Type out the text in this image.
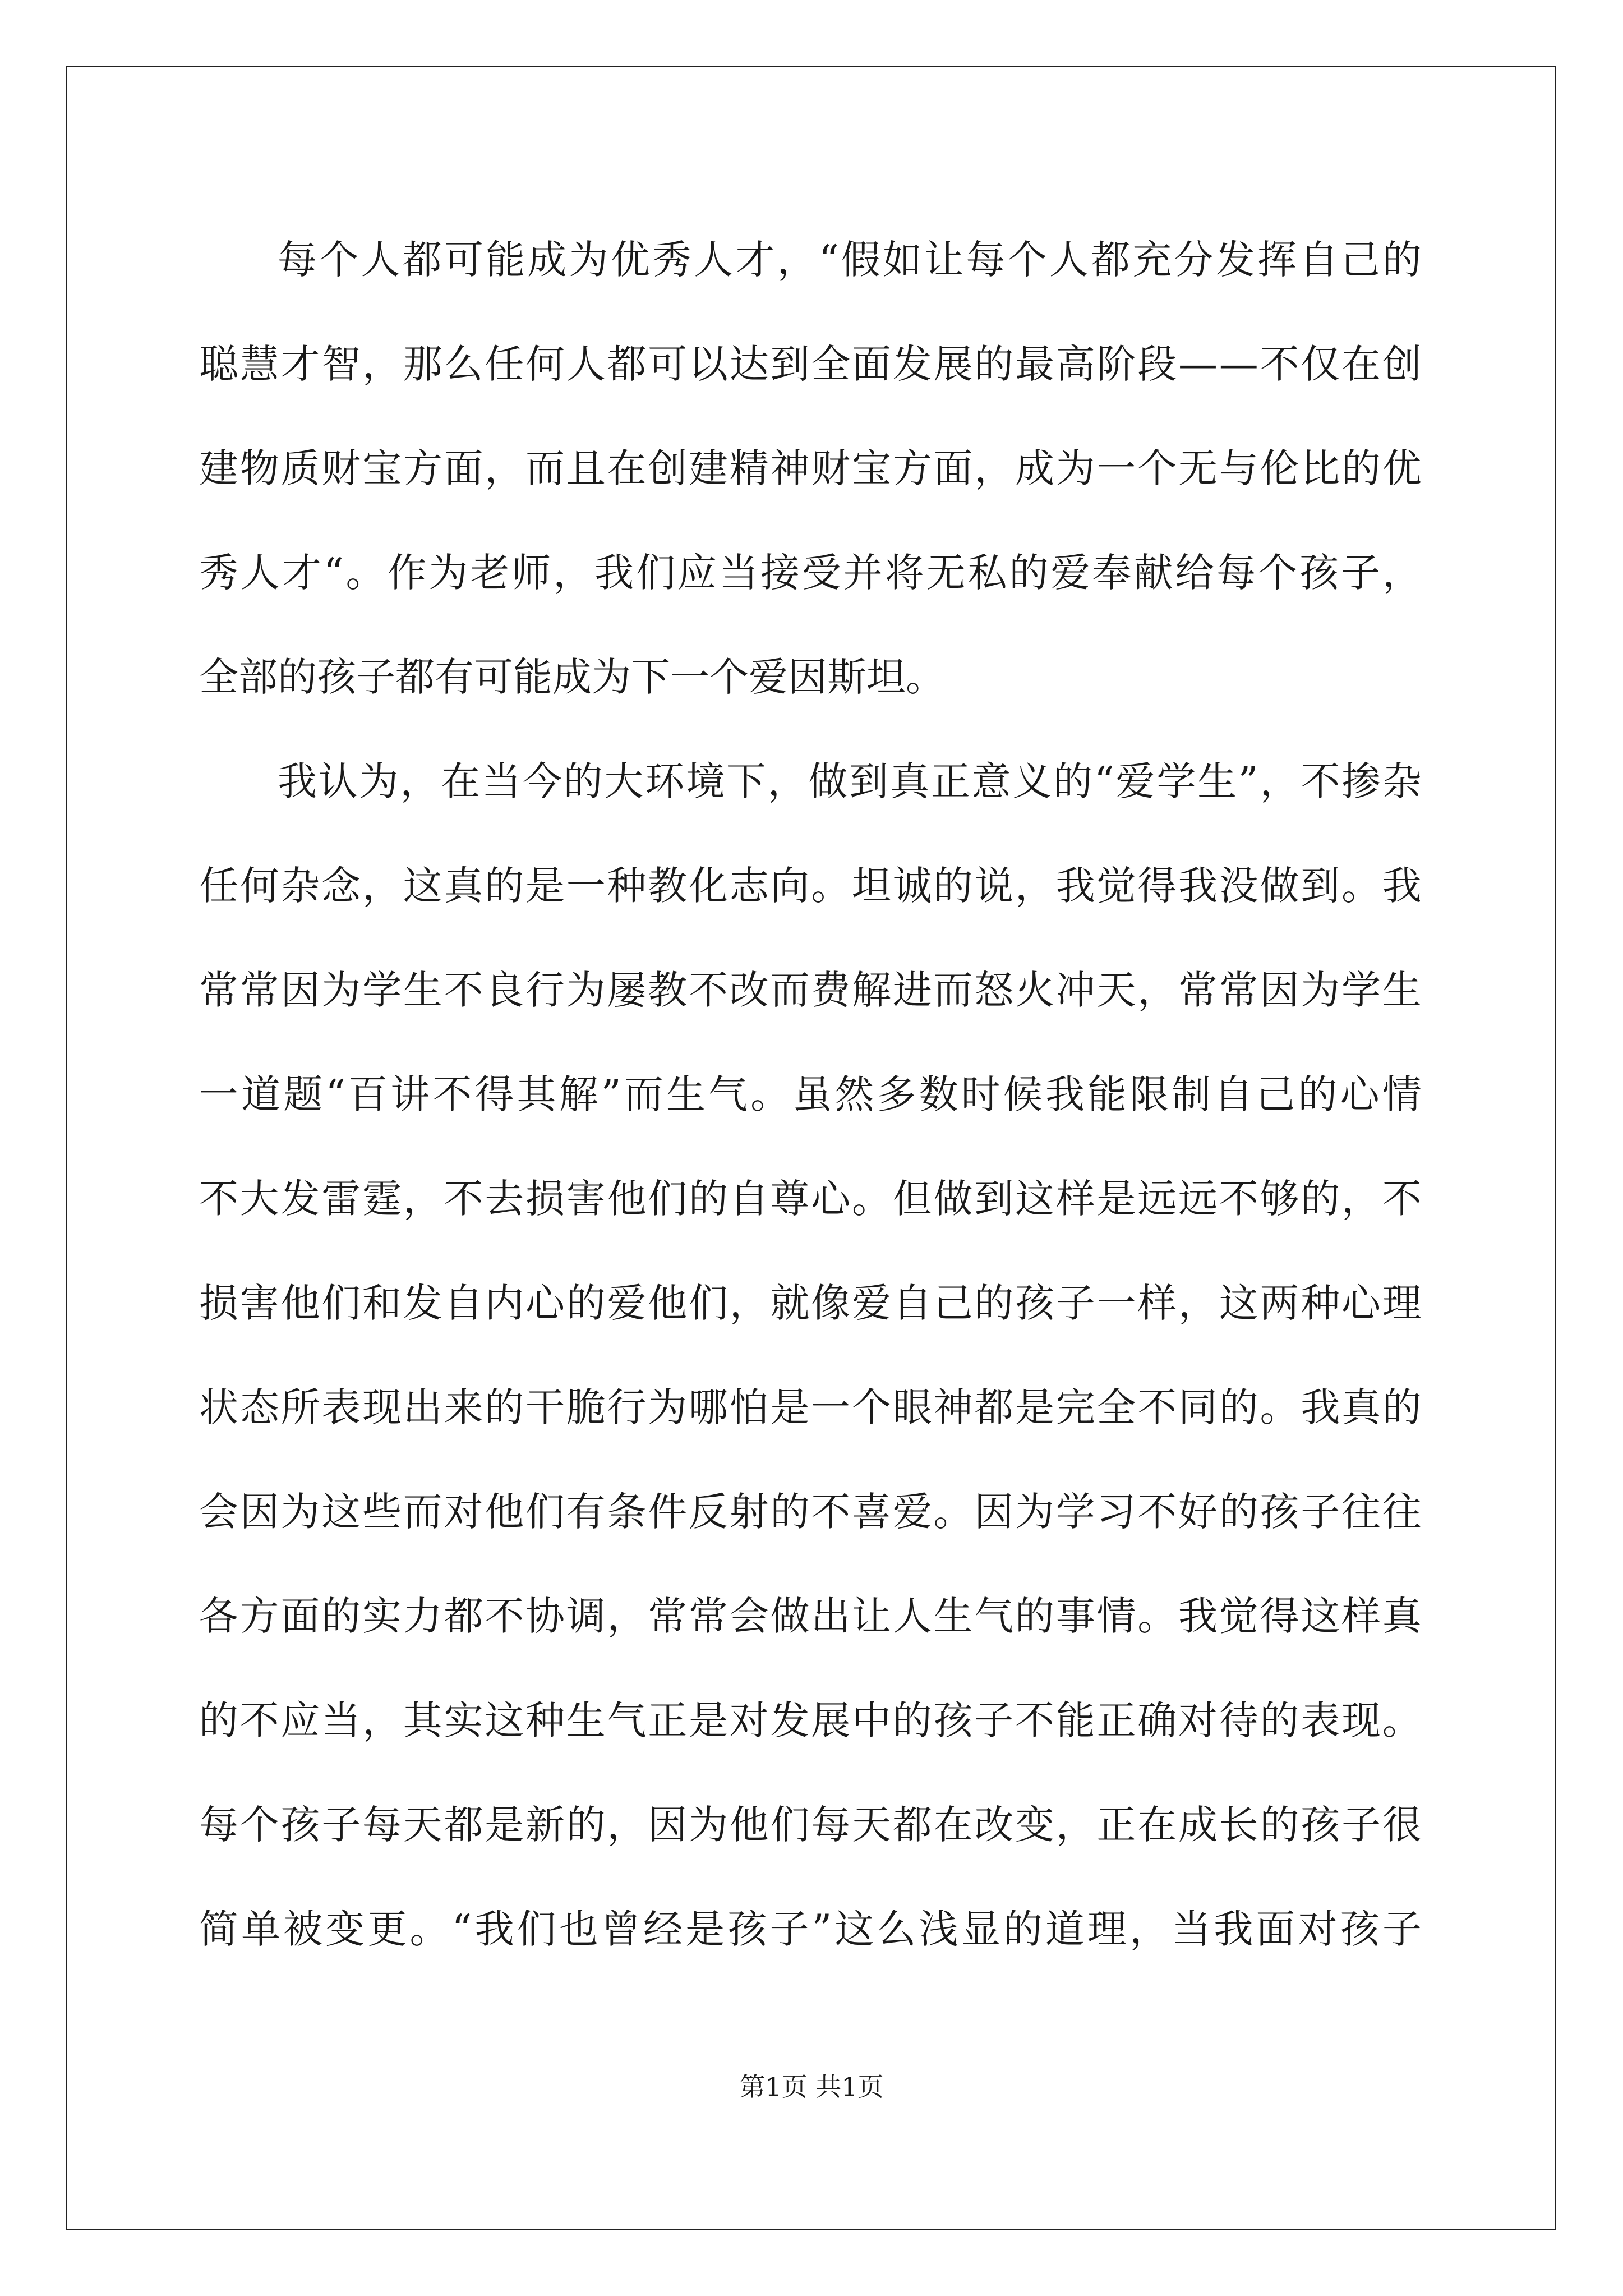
每 个 人 都 可 能 成 为 优 秀 人 才 ， “ 假 如 让 每 个 人 都 充 分 发 挥 自 己 的
聪 慧 才 智 ， 那 么 任 何 人 都 可 以 达 到 全 面 发 展 的 最 高 阶 段 — — 不 仅 在 创
建 物 质 财 宝 方 面 ， 而 且 在 创 建 精 神 财 宝 方 面 ， 成 为 一 个 无 与 伦 比 的 优
秀 人 才 “ 。 作 为 老 师 ， 我 们 应 当 接 受 并 将 无 私 的 爱 奉 献 给 每 个 孩 子 ，
全部的孩子都有可能成为下一个爱因斯坦。
我 认 为 ， 在 当 今 的 大 环 境 下 ， 做 到 真 正 意 义 的 “ 爱 学 生 ” ， 不 掺 杂
任 何 杂 念 ， 这 真 的 是 一 种 教 化 志 向 。 坦 诚 的 说 ， 我 觉 得 我 没 做 到 。 我
常 常 因 为 学 生 不 良 行 为 屡 教 不 改 而 费 解 进 而 怒 火 冲 天 ， 常 常 因 为 学 生
一 道 题 “ 百 讲 不 得 其 解 ” 而 生 气 。 虽 然 多 数 时 候 我 能 限 制 自 己 的 心 情
不 大 发 雷 霆 ， 不 去 损 害 他 们 的 自 尊 心 。 但 做 到 这 样 是 远 远 不 够 的 ， 不
损 害 他 们 和 发 自 内 心 的 爱 他 们 ， 就 像 爱 自 己 的 孩 子 一 样 ， 这 两 种 心 理
状 态 所 表 现 出 来 的 干 脆 行 为 哪 怕 是 一 个 眼 神 都 是 完 全 不 同 的 。 我 真 的
会 因 为 这 些 而 对 他 们 有 条 件 反 射 的 不 喜 爱 。 因 为 学 习 不 好 的 孩 子 往 往
各 方 面 的 实 力 都 不 协 调 ， 常 常 会 做 出 让 人 生 气 的 事 情 。 我 觉 得 这 样 真
的 不 应 当 ， 其 实 这 种 生 气 正 是 对 发 展 中 的 孩 子 不 能 正 确 对 待 的 表 现 。
每 个 孩 子 每 天 都 是 新 的 ， 因 为 他 们 每 天 都 在 改 变 ， 正 在 成 长 的 孩 子 很
简 单 被 变 更 。 “ 我 们 也 曾 经 是 孩 子 ” 这 么 浅 显 的 道 理 ， 当 我 面 对 孩 子
第1页 共1页
